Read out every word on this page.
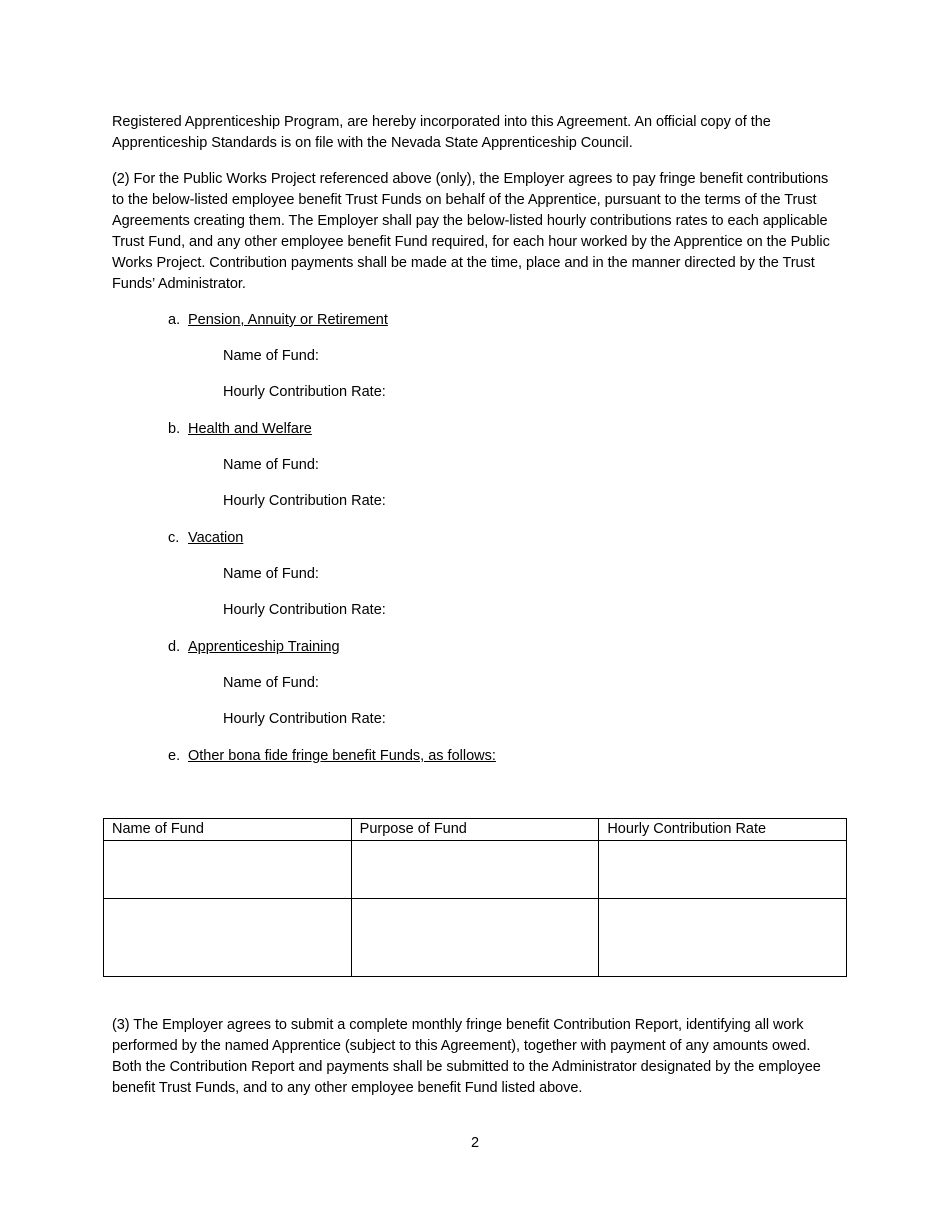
Registered Apprenticeship Program, are hereby incorporated into this Agreement. An official copy of the Apprenticeship Standards is on file with the Nevada State Apprenticeship Council.

(2) For the Public Works Project referenced above (only), the Employer agrees to pay fringe benefit contributions to the below-listed employee benefit Trust Funds on behalf of the Apprentice, pursuant to the terms of the Trust Agreements creating them. The Employer shall pay the below-listed hourly contributions rates to each applicable Trust Fund, and any other employee benefit Fund required, for each hour worked by the Apprentice on the Public Works Project. Contribution payments shall be made at the time, place and in the manner directed by the Trust Funds’ Administrator.

a. Pension, Annuity or Retirement

Name of Fund:

Hourly Contribution Rate:

b. Health and Welfare

Name of Fund:

Hourly Contribution Rate:

c. Vacation

Name of Fund:

Hourly Contribution Rate:

d. Apprenticeship Training

Name of Fund:

Hourly Contribution Rate:

e. Other bona fide fringe benefit Funds, as follows:

Name of Fund	Purpose of Fund	Hourly Contribution Rate

(3) The Employer agrees to submit a complete monthly fringe benefit Contribution Report, identifying all work performed by the named Apprentice (subject to this Agreement), together with payment of any amounts owed. Both the Contribution Report and payments shall be submitted to the Administrator designated by the employee benefit Trust Funds, and to any other employee benefit Fund listed above.

2
